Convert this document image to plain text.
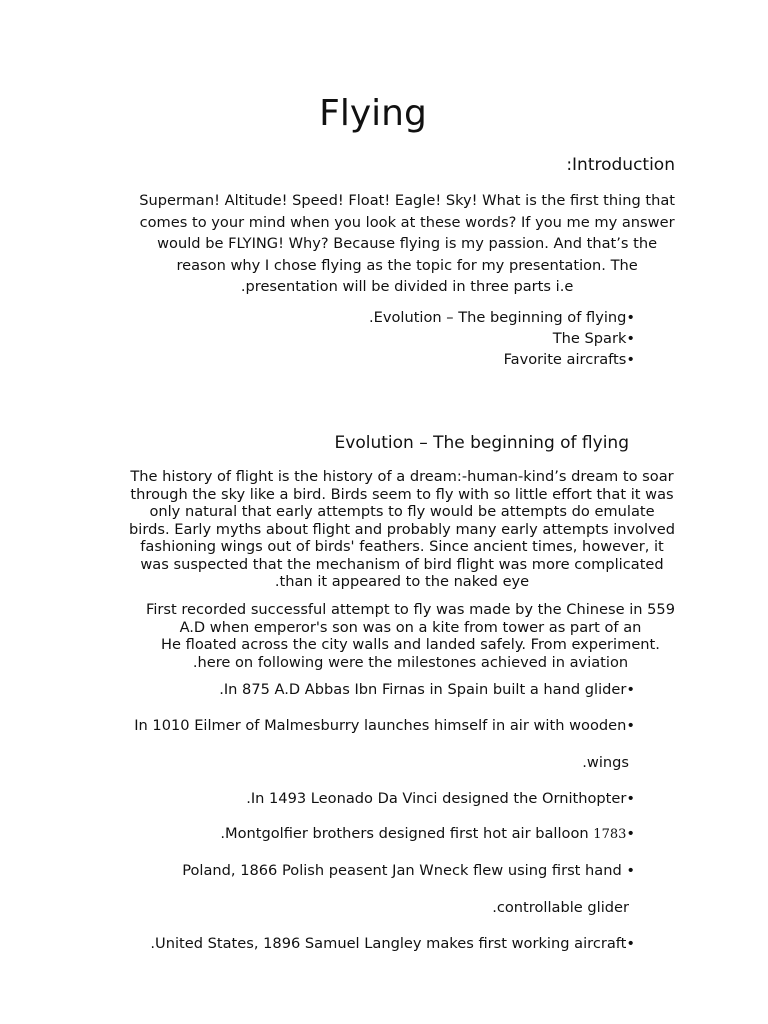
Flying
:Introduction
Superman! Altitude! Speed! Float! Eagle! Sky! What is the first thing that
comes to your mind when you look at these words? If you me my answer
would be FLYING! Why? Because flying is my passion. And that’s the
reason why I chose flying as the topic for my presentation. The
.presentation will be divided in three parts i.e
.Evolution – The beginning of flying•
The Spark•
Favorite aircrafts•
Evolution – The beginning of flying
The history of flight is the history of a dream:-human-kind’s dream to soar
through the sky like a bird. Birds seem to fly with so little effort that it was
only natural that early attempts to fly would be attempts do emulate
birds. Early myths about flight and probably many early attempts involved
fashioning wings out of birds' feathers. Since ancient times, however, it
was suspected that the mechanism of bird flight was more complicated
.than it appeared to the naked eye
First recorded successful attempt to fly was made by the Chinese in 559
A.D when emperor's son was on a kite from tower as part of an
He floated across the city walls and landed safely. From experiment.
.here on following were the milestones achieved in aviation
.In 875 A.D Abbas Ibn Firnas in Spain built a hand glider•
In 1010 Eilmer of Malmesburry launches himself in air with wooden•
.wings
.In 1493 Leonado Da Vinci designed the Ornithopter•
.Montgolfier brothers designed first hot air balloon 1783•
Poland, 1866 Polish peasent Jan Wneck flew using first hand •
.controllable glider
.United States, 1896 Samuel Langley makes first working aircraft•
